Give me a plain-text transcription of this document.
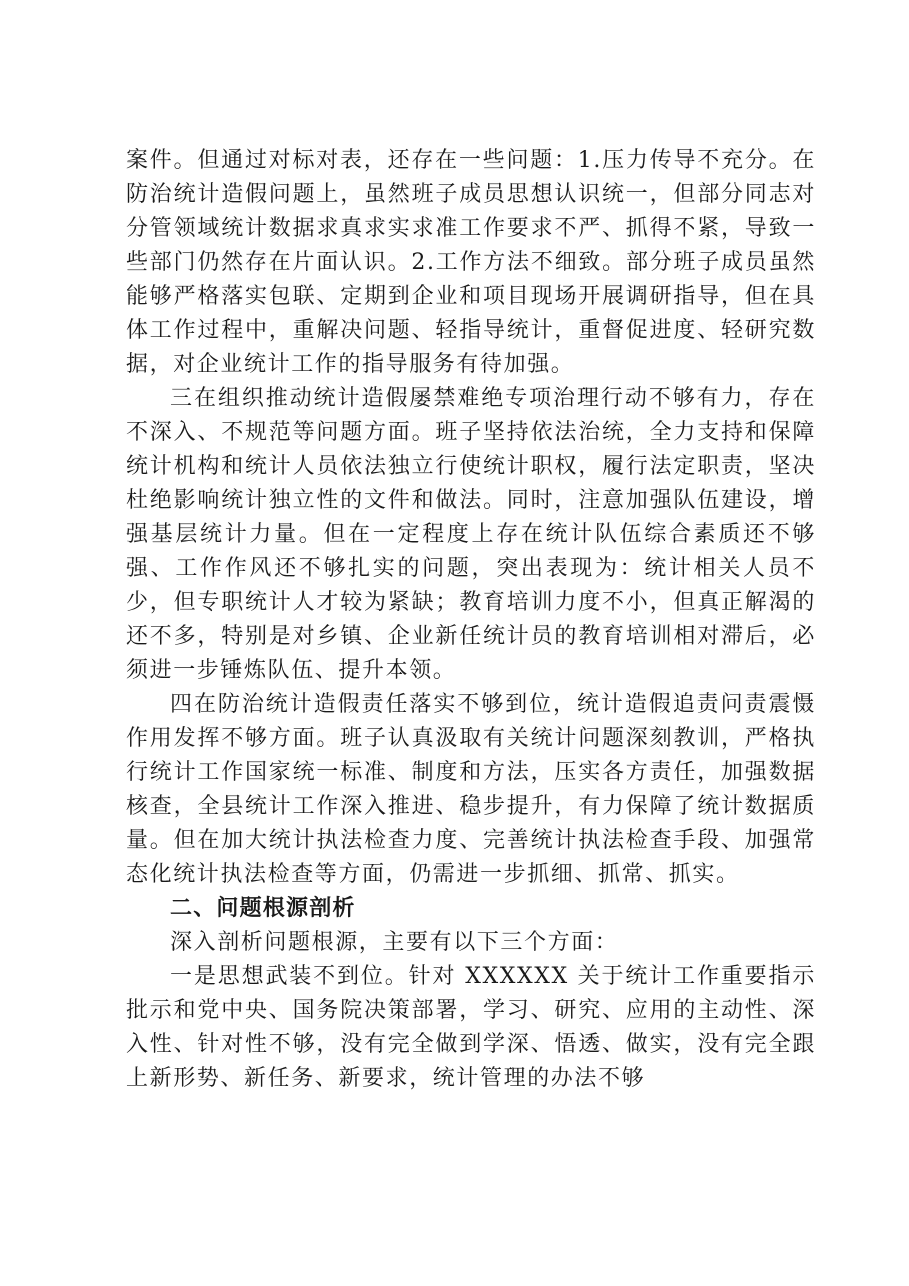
案件。但通过对标对表，还存在一些问题：1.压力传导不充分。在防治统计造假问题上，虽然班子成员思想认识统一，但部分同志对分管领域统计数据求真求实求准工作要求不严、抓得不紧，导致一些部门仍然存在片面认识。2.工作方法不细致。部分班子成员虽然能够严格落实包联、定期到企业和项目现场开展调研指导，但在具体工作过程中，重解决问题、轻指导统计，重督促进度、轻研究数据，对企业统计工作的指导服务有待加强。

三在组织推动统计造假屡禁难绝专项治理行动不够有力，存在不深入、不规范等问题方面。班子坚持依法治统，全力支持和保障统计机构和统计人员依法独立行使统计职权，履行法定职责，坚决杜绝影响统计独立性的文件和做法。同时，注意加强队伍建设，增强基层统计力量。但在一定程度上存在统计队伍综合素质还不够强、工作作风还不够扎实的问题，突出表现为：统计相关人员不少，但专职统计人才较为紧缺；教育培训力度不小，但真正解渴的还不多，特别是对乡镇、企业新任统计员的教育培训相对滞后，必须进一步锤炼队伍、提升本领。

四在防治统计造假责任落实不够到位，统计造假追责问责震慑作用发挥不够方面。班子认真汲取有关统计问题深刻教训，严格执行统计工作国家统一标准、制度和方法，压实各方责任，加强数据核查，全县统计工作深入推进、稳步提升，有力保障了统计数据质量。但在加大统计执法检查力度、完善统计执法检查手段、加强常态化统计执法检查等方面，仍需进一步抓细、抓常、抓实。

二、问题根源剖析

深入剖析问题根源，主要有以下三个方面：

一是思想武装不到位。针对 XXXXXX 关于统计工作重要指示批示和党中央、国务院决策部署，学习、研究、应用的主动性、深入性、针对性不够，没有完全做到学深、悟透、做实，没有完全跟上新形势、新任务、新要求，统计管理的办法不够
